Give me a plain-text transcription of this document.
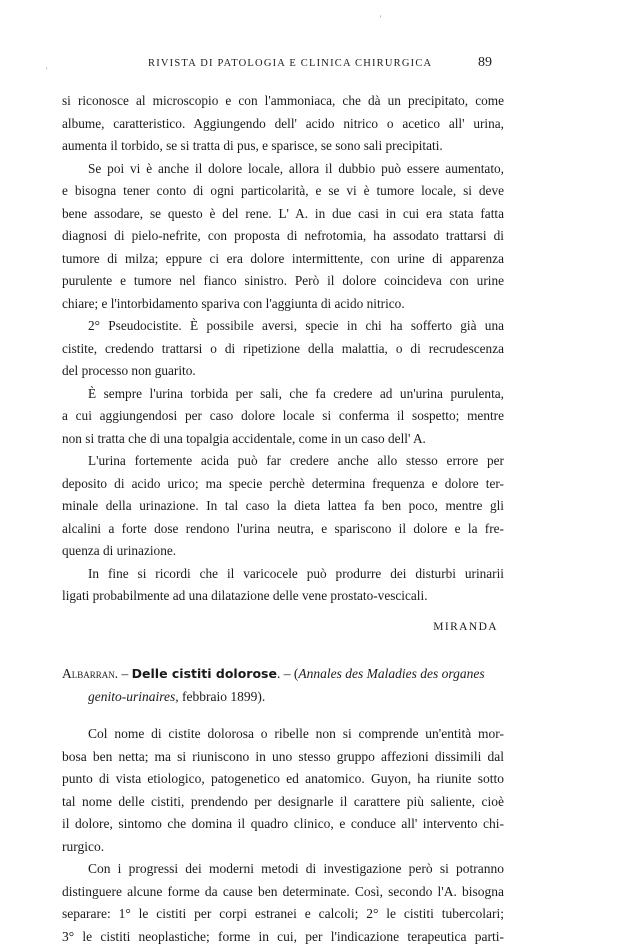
'
'
RIVISTA DI PATOLOGIA E CLINICA CHIRURGICA	89
si riconosce al microscopio e con l'ammoniaca, che dà un precipitato, come
albume, caratteristico. Aggiungendo dell' acido nitrico o acetico all' urina,
aumenta il torbido, se si tratta di pus, e sparisce, se sono sali precipitati.
Se poi vi è anche il dolore locale, allora il dubbio può essere aumentato,
e bisogna tener conto di ogni particolarità, e se vi è tumore locale, si deve
bene assodare, se questo è del rene. L' A. in due casi in cui era stata fatta
diagnosi di pielo-nefrite, con proposta di nefrotomia, ha assodato trattarsi di
tumore di milza; eppure ci era dolore intermittente, con urine di apparenza
purulente e tumore nel fianco sinistro. Però il dolore coincideva con urine
chiare; e l'intorbidamento spariva con l'aggiunta di acido nitrico.
2° Pseudocistite. È possibile aversi, specie in chi ha sofferto già una
cistite, credendo trattarsi o di ripetizione della malattia, o di recrudescenza
del processo non guarito.
È sempre l'urina torbida per sali, che fa credere ad un'urina purulenta,
a cui aggiungendosi per caso dolore locale si conferma il sospetto; mentre
non si tratta che di una topalgia accidentale, come in un caso dell' A.
L'urina fortemente acida può far credere anche allo stesso errore per
deposito di acido urico; ma specie perchè determina frequenza e dolore ter-
minale della urinazione. In tal caso la dieta lattea fa ben poco, mentre gli
alcalini a forte dose rendono l'urina neutra, e spariscono il dolore e la fre-
quenza di urinazione.
In fine si ricordi che il varicocele può produrre dei disturbi urinarii
ligati probabilmente ad una dilatazione delle vene prostato-vescicali.
MIRANDA
Albarran. – Delle cistiti dolorose. – (Annales des Maladies des organes
genito-urinaires, febbraio 1899).
Col nome di cistite dolorosa o ribelle non si comprende un'entità mor-
bosa ben netta; ma si riuniscono in uno stesso gruppo affezioni dissimili dal
punto di vista etiologico, patogenetico ed anatomico. Guyon, ha riunite sotto
tal nome delle cistiti, prendendo per designarle il carattere più saliente, cioè
il dolore, sintomo che domina il quadro clinico, e conduce all' intervento chi-
rurgico.
Con i progressi dei moderni metodi di investigazione però si potranno
distinguere alcune forme da cause ben determinate. Così, secondo l'A. bisogna
separare: 1° le cistiti per corpi estranei e calcoli; 2° le cistiti tubercolari;
3° le cistiti neoplastiche; forme in cui, per l'indicazione terapeutica parti-
